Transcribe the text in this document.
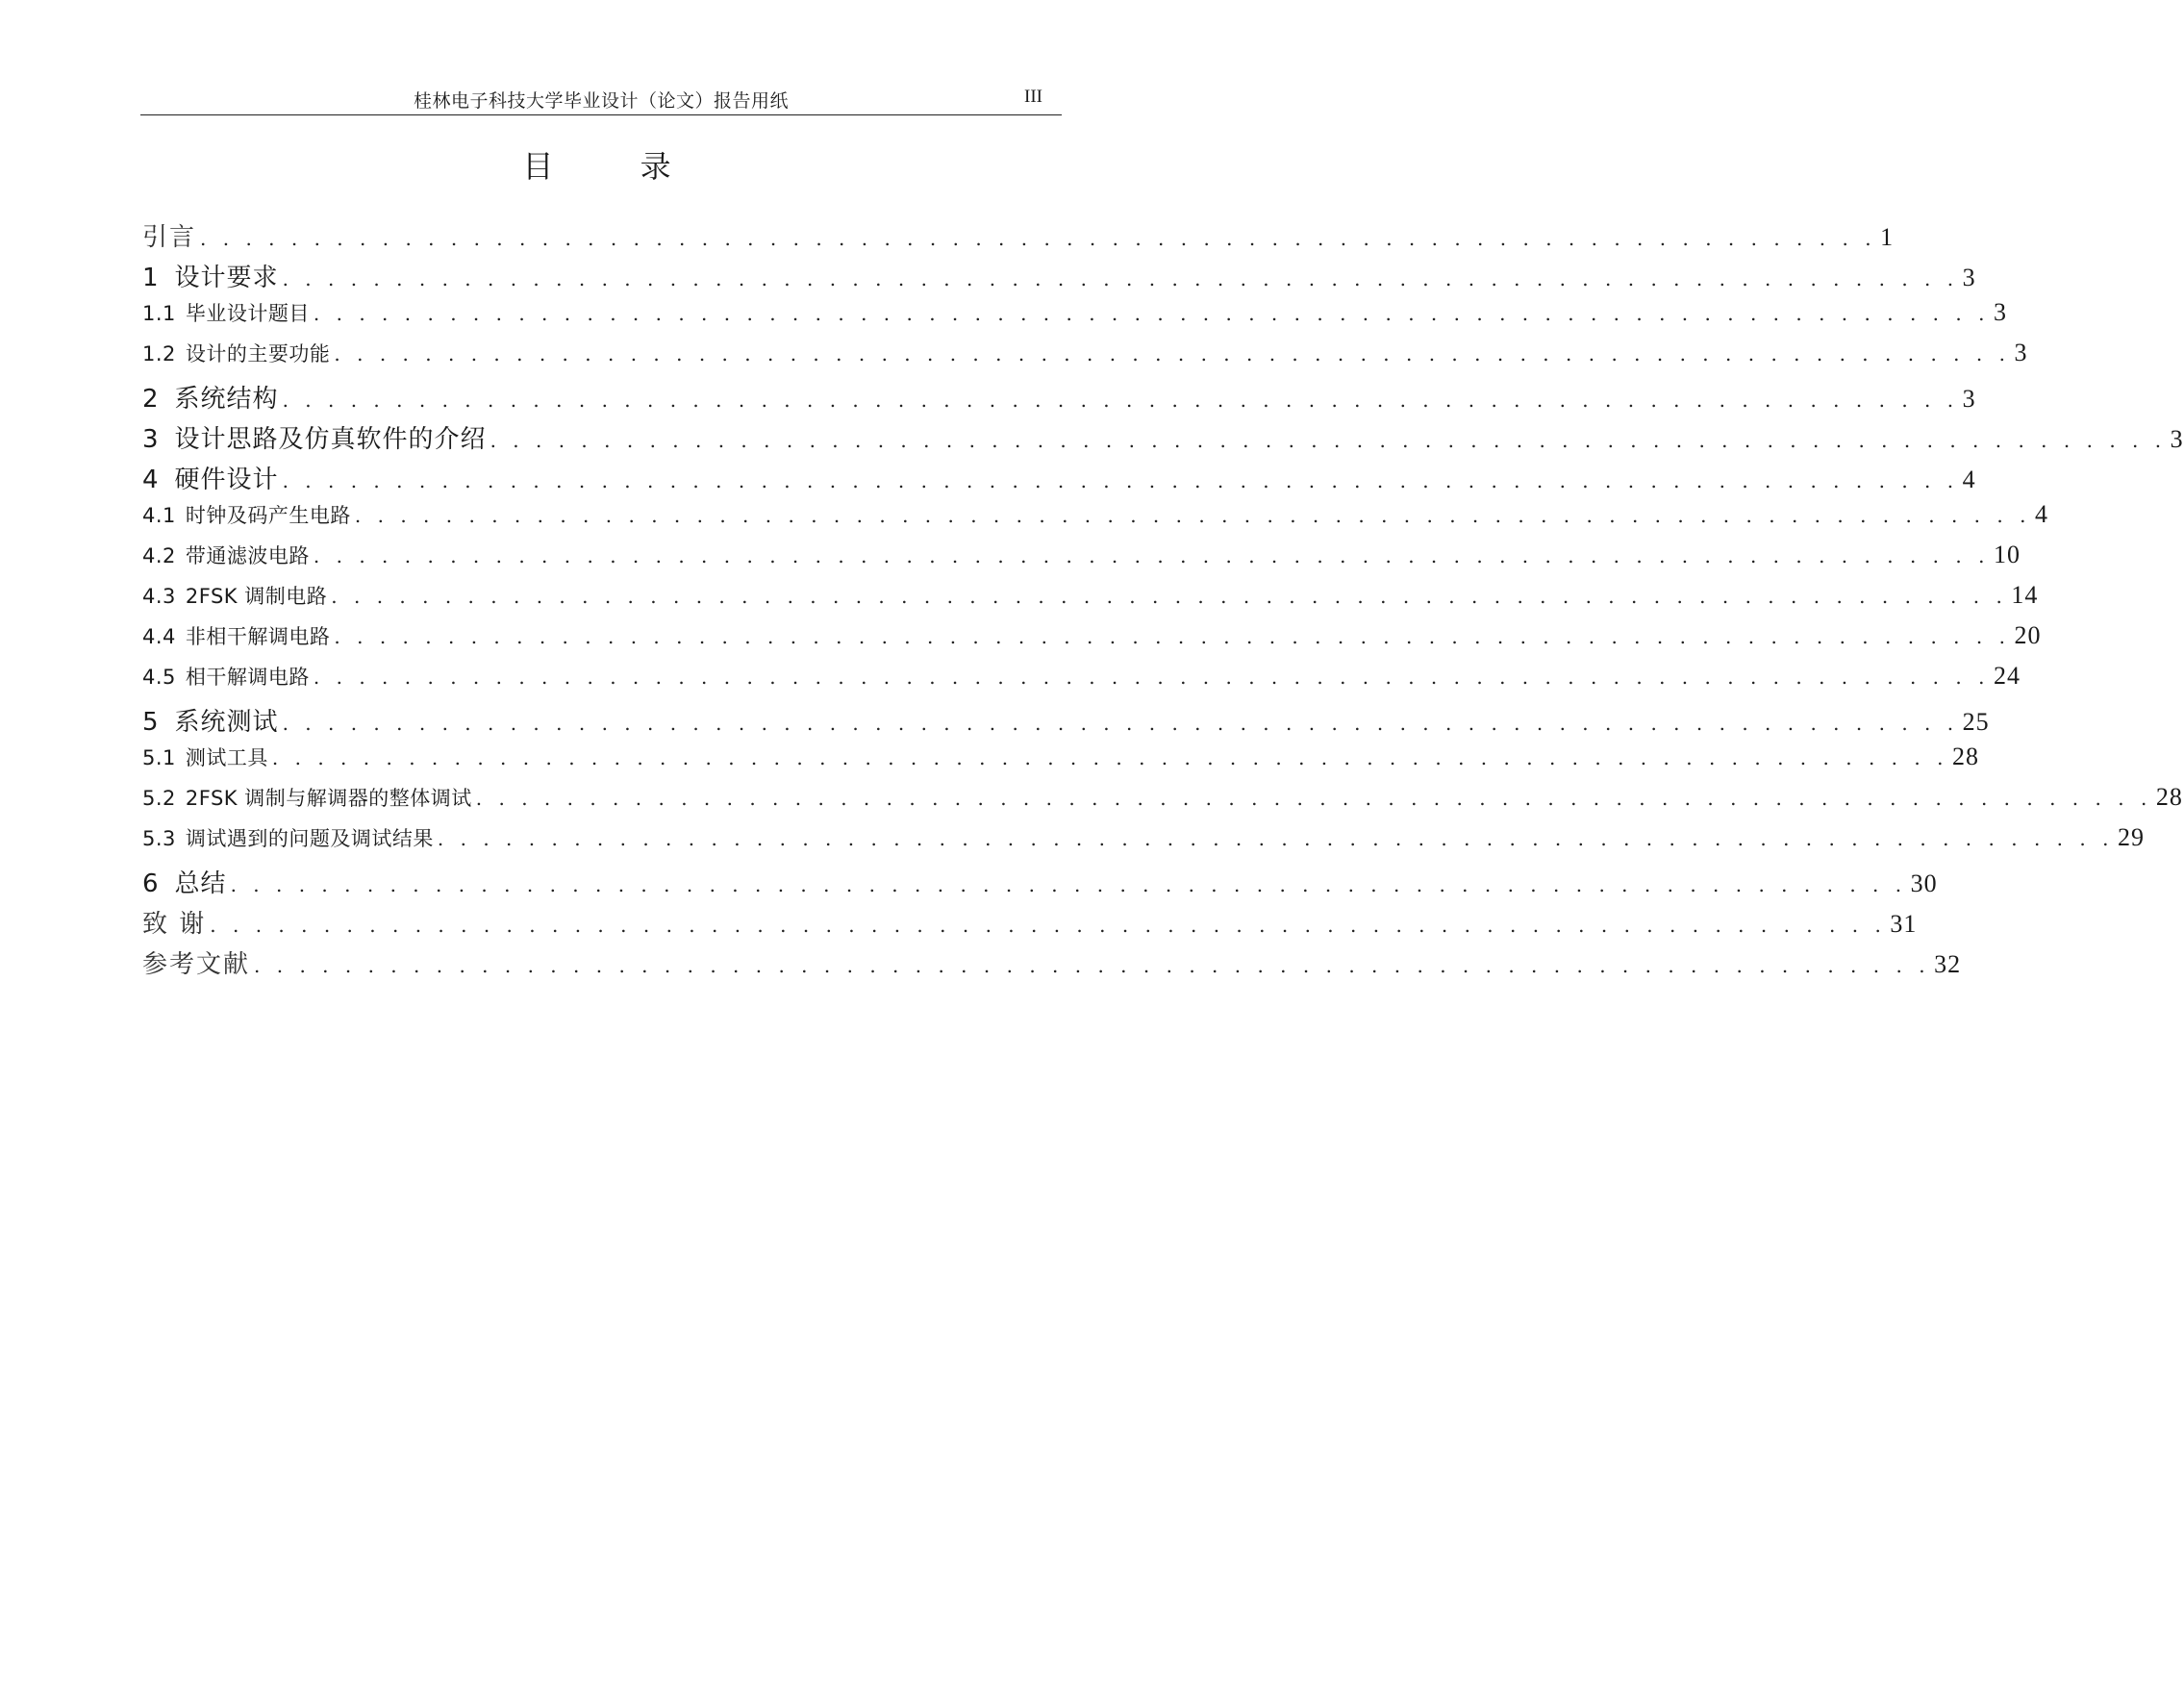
桂林电子科技大学毕业设计（论文）报告用纸	III
目 录
引言 . . . . . . . . . . . . . . . . . . . . . . . . . . . . . . . . . . . . . . . . . . . . . . . . . . . . . . . . . . . . . . . . . . . . . . . . . . 1
1 设计要求 . . . . . . . . . . . . . . . . . . . . . . . . . . . . . . . . . . . . . . . . . . . . . . . . . . . . . . . . . . . . . . . . . . . . . . . . . . 3
1.1 毕业设计题目 . . . . . . . . . . . . . . . . . . . . . . . . . . . . . . . . . . . . . . . . . . . . . . . . . . . . . . . . . . . . . . . . . . . . . . . . . . 3
1.2 设计的主要功能 . . . . . . . . . . . . . . . . . . . . . . . . . . . . . . . . . . . . . . . . . . . . . . . . . . . . . . . . . . . . . . . . . . . . . . . . . . 3
2 系统结构 . . . . . . . . . . . . . . . . . . . . . . . . . . . . . . . . . . . . . . . . . . . . . . . . . . . . . . . . . . . . . . . . . . . . . . . . . . 3
3 设计思路及仿真软件的介绍 . . . . . . . . . . . . . . . . . . . . . . . . . . . . . . . . . . . . . . . . . . . . . . . . . . . . . . . . . . . . . . . . . . . . . . . . . . 3
4 硬件设计 . . . . . . . . . . . . . . . . . . . . . . . . . . . . . . . . . . . . . . . . . . . . . . . . . . . . . . . . . . . . . . . . . . . . . . . . . . 4
4.1 时钟及码产生电路 . . . . . . . . . . . . . . . . . . . . . . . . . . . . . . . . . . . . . . . . . . . . . . . . . . . . . . . . . . . . . . . . . . . . . . . . . . 4
4.2 带通滤波电路 . . . . . . . . . . . . . . . . . . . . . . . . . . . . . . . . . . . . . . . . . . . . . . . . . . . . . . . . . . . . . . . . . . . . . . . . . . 10
4.3 2FSK 调制电路 . . . . . . . . . . . . . . . . . . . . . . . . . . . . . . . . . . . . . . . . . . . . . . . . . . . . . . . . . . . . . . . . . . . . . . . . . . 14
4.4 非相干解调电路 . . . . . . . . . . . . . . . . . . . . . . . . . . . . . . . . . . . . . . . . . . . . . . . . . . . . . . . . . . . . . . . . . . . . . . . . . . 20
4.5 相干解调电路 . . . . . . . . . . . . . . . . . . . . . . . . . . . . . . . . . . . . . . . . . . . . . . . . . . . . . . . . . . . . . . . . . . . . . . . . . . 24
5 系统测试 . . . . . . . . . . . . . . . . . . . . . . . . . . . . . . . . . . . . . . . . . . . . . . . . . . . . . . . . . . . . . . . . . . . . . . . . . . 25
5.1 测试工具 . . . . . . . . . . . . . . . . . . . . . . . . . . . . . . . . . . . . . . . . . . . . . . . . . . . . . . . . . . . . . . . . . . . . . . . . . . 28
5.2 2FSK 调制与解调器的整体调试 . . . . . . . . . . . . . . . . . . . . . . . . . . . . . . . . . . . . . . . . . . . . . . . . . . . . . . . . . . . . . . . . . . . . . . . . . . 28
5.3 调试遇到的问题及调试结果 . . . . . . . . . . . . . . . . . . . . . . . . . . . . . . . . . . . . . . . . . . . . . . . . . . . . . . . . . . . . . . . . . . . . . . . . . . 29
6 总结 . . . . . . . . . . . . . . . . . . . . . . . . . . . . . . . . . . . . . . . . . . . . . . . . . . . . . . . . . . . . . . . . . . . . . . . . . . 30
致 谢 . . . . . . . . . . . . . . . . . . . . . . . . . . . . . . . . . . . . . . . . . . . . . . . . . . . . . . . . . . . . . . . . . . . . . . . . . . 31
参考文献 . . . . . . . . . . . . . . . . . . . . . . . . . . . . . . . . . . . . . . . . . . . . . . . . . . . . . . . . . . . . . . . . . . . . . . . . . . 32
